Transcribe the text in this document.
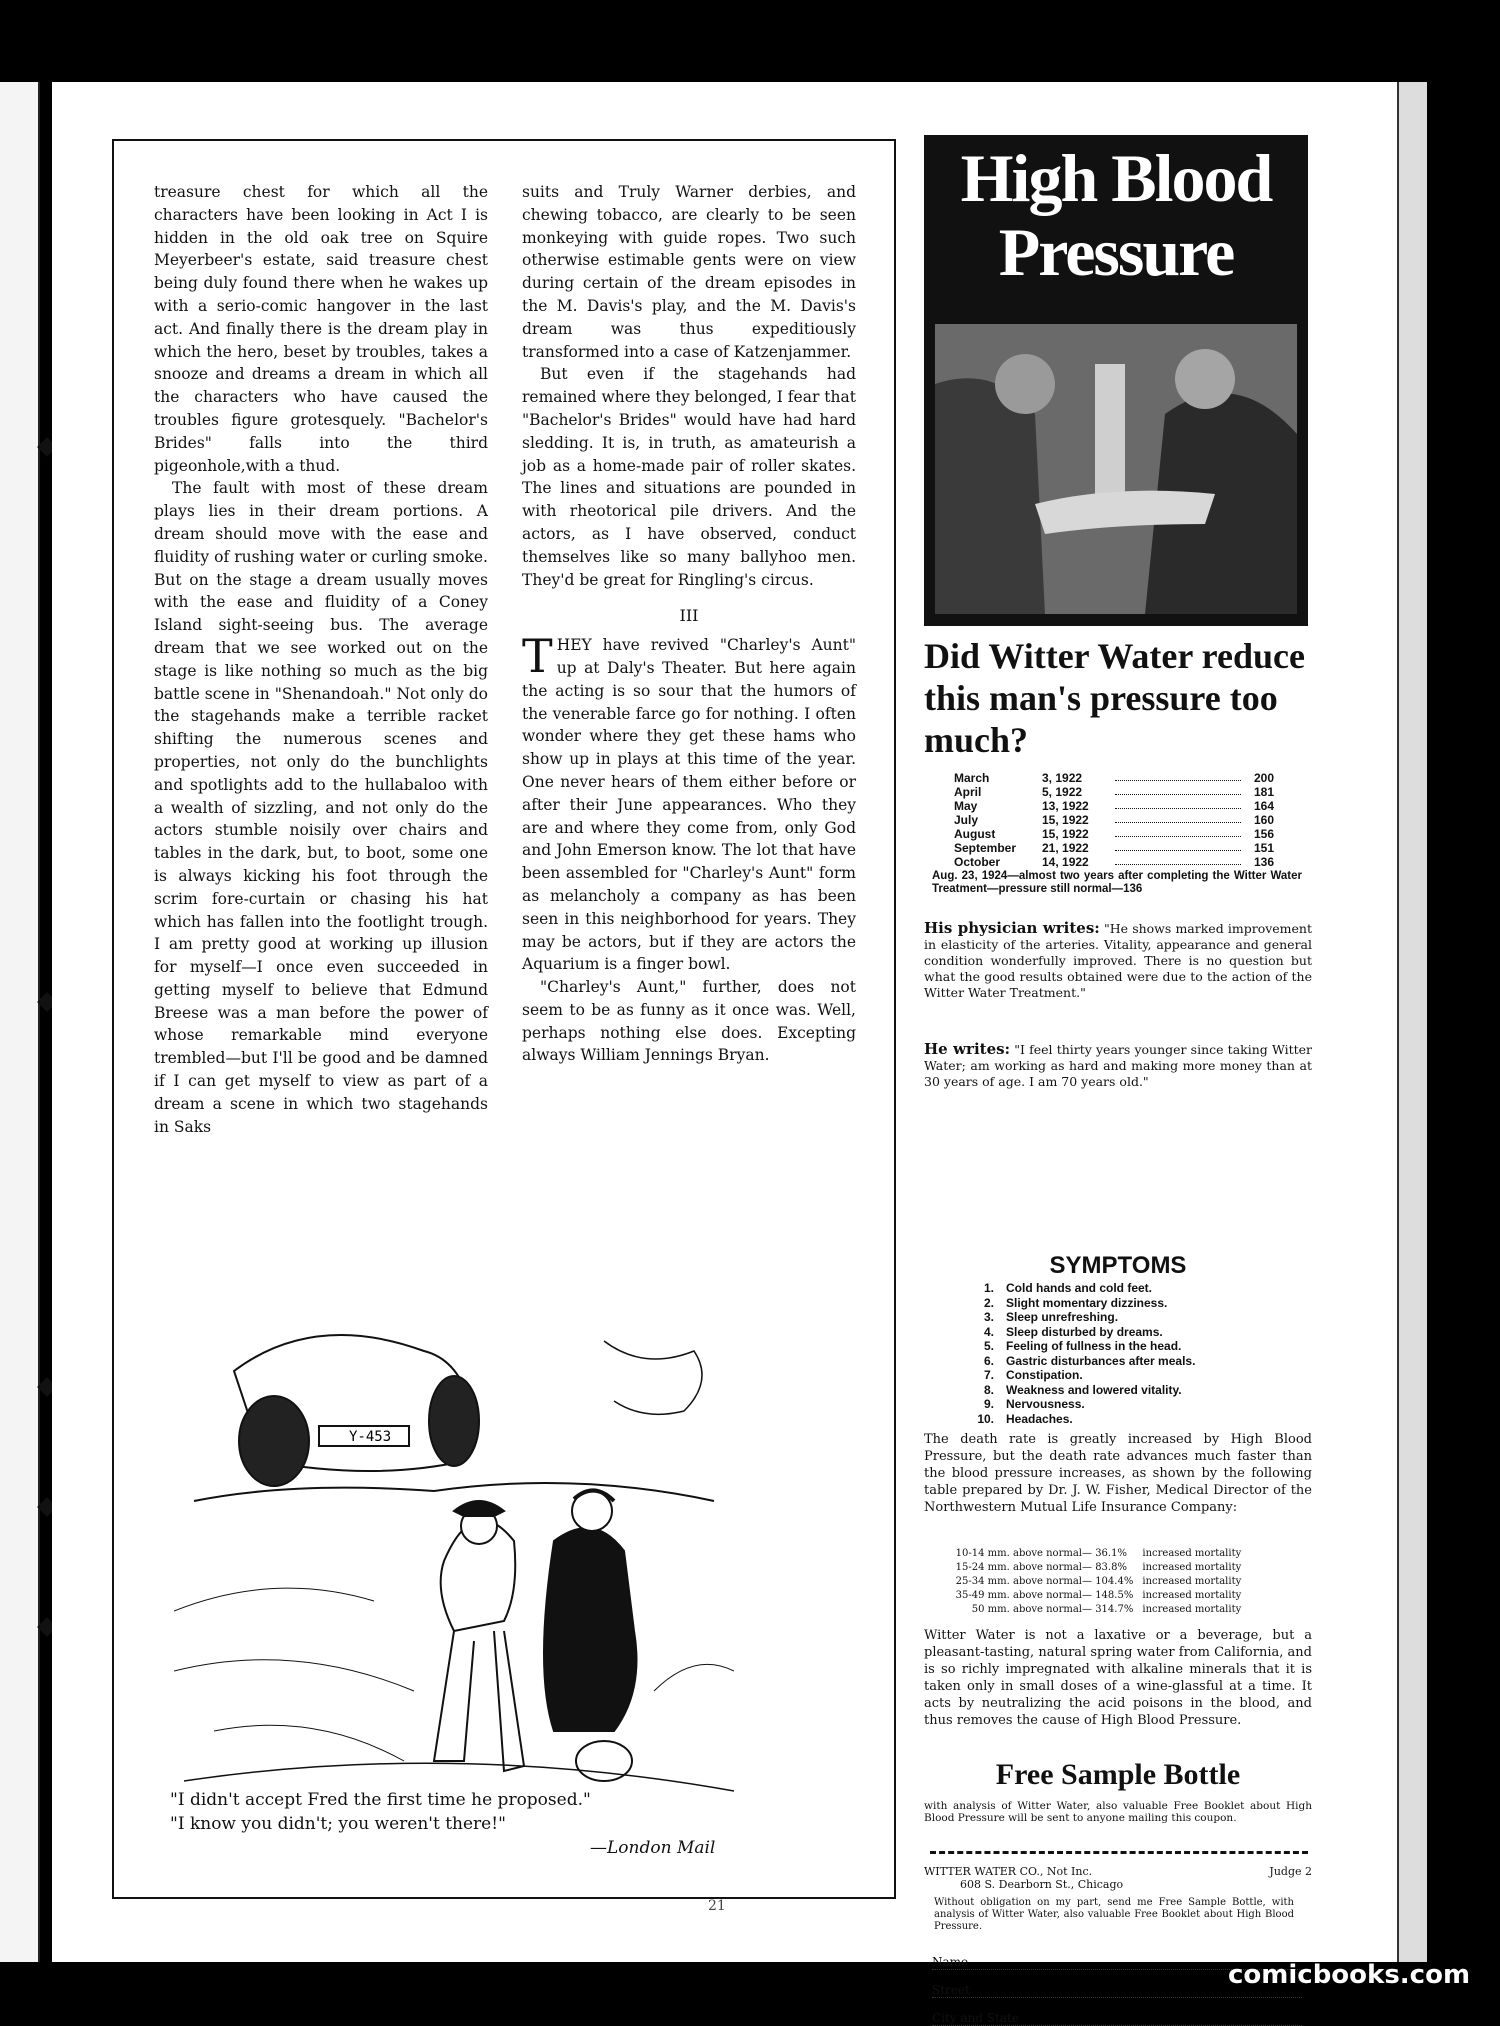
treasure chest for which all the characters have been looking in Act I is hidden in the old oak tree on Squire Meyerbeer's estate, said treasure chest being duly found there when he wakes up with a serio-comic hangover in the last act. And finally there is the dream play in which the hero, beset by troubles, takes a snooze and dreams a dream in which all the characters who have caused the troubles figure grotesquely. "Bachelor's Brides" falls into the third pigeonhole,with a thud.

The fault with most of these dream plays lies in their dream portions. A dream should move with the ease and fluidity of rushing water or curling smoke. But on the stage a dream usually moves with the ease and fluidity of a Coney Island sight-seeing bus. The average dream that we see worked out on the stage is like nothing so much as the big battle scene in "Shenandoah." Not only do the stagehands make a terrible racket shifting the numerous scenes and properties, not only do the bunchlights and spotlights add to the hullabaloo with a wealth of sizzling, and not only do the actors stumble noisily over chairs and tables in the dark, but, to boot, some one is always kicking his foot through the scrim fore-curtain or chasing his hat which has fallen into the footlight trough. I am pretty good at working up illusion for myself—I once even succeeded in getting myself to believe that Edmund Breese was a man before the power of whose remarkable mind everyone trembled—but I'll be good and be damned if I can get myself to view as part of a dream a scene in which two stagehands in Saks

suits and Truly Warner derbies, and chewing tobacco, are clearly to be seen monkeying with guide ropes. Two such otherwise estimable gents were on view during certain of the dream episodes in the M. Davis's play, and the M. Davis's dream was thus expeditiously transformed into a case of Katzenjammer.

But even if the stagehands had remained where they belonged, I fear that "Bachelor's Brides" would have had hard sledding. It is, in truth, as amateurish a job as a home-made pair of roller skates. The lines and situations are pounded in with rheotorical pile drivers. And the actors, as I have observed, conduct themselves like so many ballyhoo men. They'd be great for Ringling's circus.

III

THEY have revived "Charley's Aunt" up at Daly's Theater. But here again the acting is so sour that the humors of the venerable farce go for nothing. I often wonder where they get these hams who show up in plays at this time of the year. One never hears of them either before or after their June appearances. Who they are and where they come from, only God and John Emerson know. The lot that have been assembled for "Charley's Aunt" form as melancholy a company as has been seen in this neighborhood for years. They may be actors, but if they are actors the Aquarium is a finger bowl.

"Charley's Aunt," further, does not seem to be as funny as it once was. Well, perhaps nothing else does. Excepting always William Jennings Bryan.

Y-453
"I didn't accept Fred the first time he proposed."
"I know you didn't; you weren't there!"
—London Mail
21
High Blood
Pressure
Did Witter Water reduce this man's pressure too much?
March	3, 1922	200
April	5, 1922	181
May	13, 1922	164
July	15, 1922	160
August	15, 1922	156
September	21, 1922	151
October	14, 1922	136
Aug. 23, 1924—almost two years after completing the Witter Water Treatment—pressure still normal—136
His physician writes: "He shows marked improvement in elasticity of the arteries. Vitality, appearance and general condition wonderfully improved. There is no question but what the good results obtained were due to the action of the Witter Water Treatment."
He writes: "I feel thirty years younger since taking Witter Water; am working as hard and making more money than at 30 years of age. I am 70 years old."
SYMPTOMS
1. Cold hands and cold feet.
2. Slight momentary dizziness.
3. Sleep unrefreshing.
4. Sleep disturbed by dreams.
5. Feeling of fullness in the head.
6. Gastric disturbances after meals.
7. Constipation.
8. Weakness and lowered vitality.
9. Nervousness.
10. Headaches.
The death rate is greatly increased by High Blood Pressure, but the death rate advances much faster than the blood pressure increases, as shown by the following table prepared by Dr. J. W. Fisher, Medical Director of the Northwestern Mutual Life Insurance Company:
10-14 mm. above normal— 36.1% increased mortality
15-24 mm. above normal— 83.8% increased mortality
25-34 mm. above normal— 104.4% increased mortality
35-49 mm. above normal— 148.5% increased mortality
50 mm. above normal— 314.7% increased mortality
Witter Water is not a laxative or a beverage, but a pleasant-tasting, natural spring water from California, and is so richly impregnated with alkaline minerals that it is taken only in small doses of a wine-glassful at a time. It acts by neutralizing the acid poisons in the blood, and thus removes the cause of High Blood Pressure.
Free Sample Bottle
with analysis of Witter Water, also valuable Free Booklet about High Blood Pressure will be sent to anyone mailing this coupon.
WITTER WATER CO., Not Inc.	Judge 2
608 S. Dearborn St., Chicago
Without obligation on my part, send me Free Sample Bottle, with analysis of Witter Water, also valuable Free Booklet about High Blood Pressure.
Name
Street
City and State
comicbooks.com
